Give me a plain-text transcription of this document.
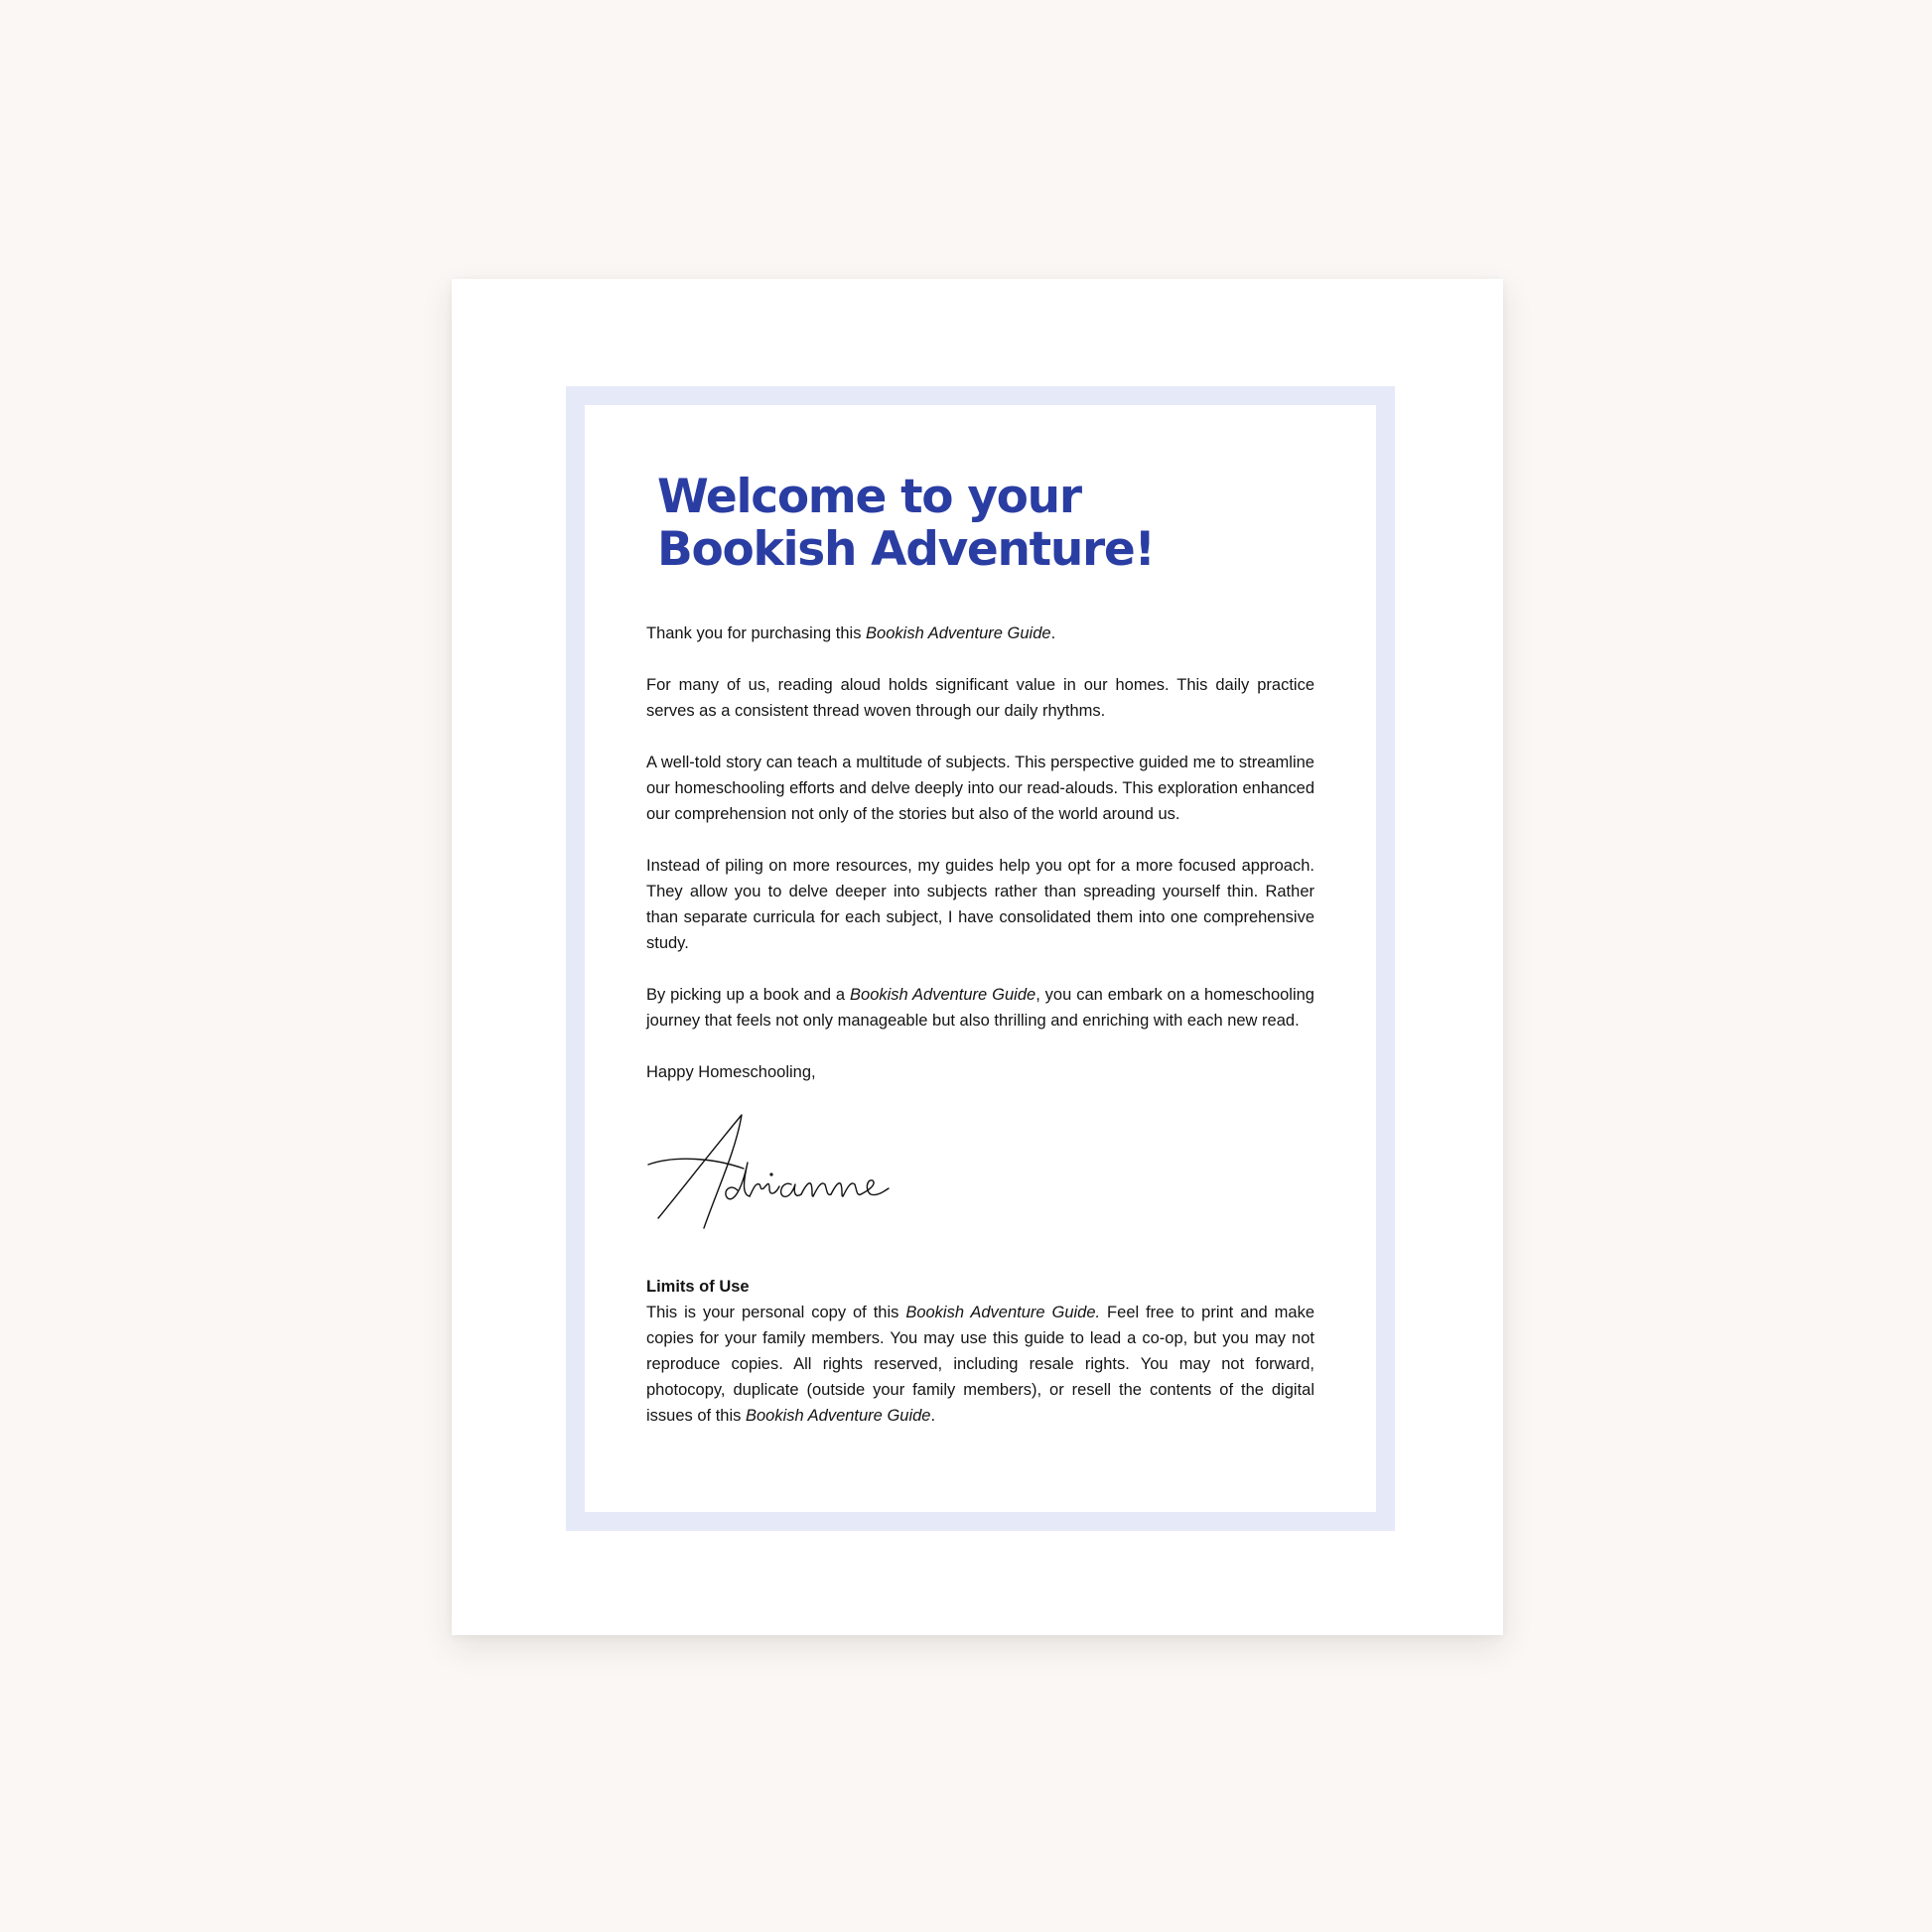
Welcome to your
Bookish Adventure!

Thank you for purchasing this Bookish Adventure Guide.

For many of us, reading aloud holds significant value in our homes. This daily practice serves as a consistent thread woven through our daily rhythms.

A well-told story can teach a multitude of subjects. This perspective guided me to streamline our homeschooling efforts and delve deeply into our read-alouds. This exploration enhanced our comprehension not only of the stories but also of the world around us.

Instead of piling on more resources, my guides help you opt for a more focused approach. They allow you to delve deeper into subjects rather than spreading yourself thin. Rather than separate curricula for each subject, I have consolidated them into one comprehensive study.

By picking up a book and a Bookish Adventure Guide, you can embark on a homeschooling journey that feels not only manageable but also thrilling and enriching with each new read.

Happy Homeschooling,

Limits of Use
This is your personal copy of this Bookish Adventure Guide. Feel free to print and make copies for your family members. You may use this guide to lead a co-op, but you may not reproduce copies. All rights reserved, including resale rights. You may not forward, photocopy, duplicate (outside your family members), or resell the contents of the digital issues of this Bookish Adventure Guide.
